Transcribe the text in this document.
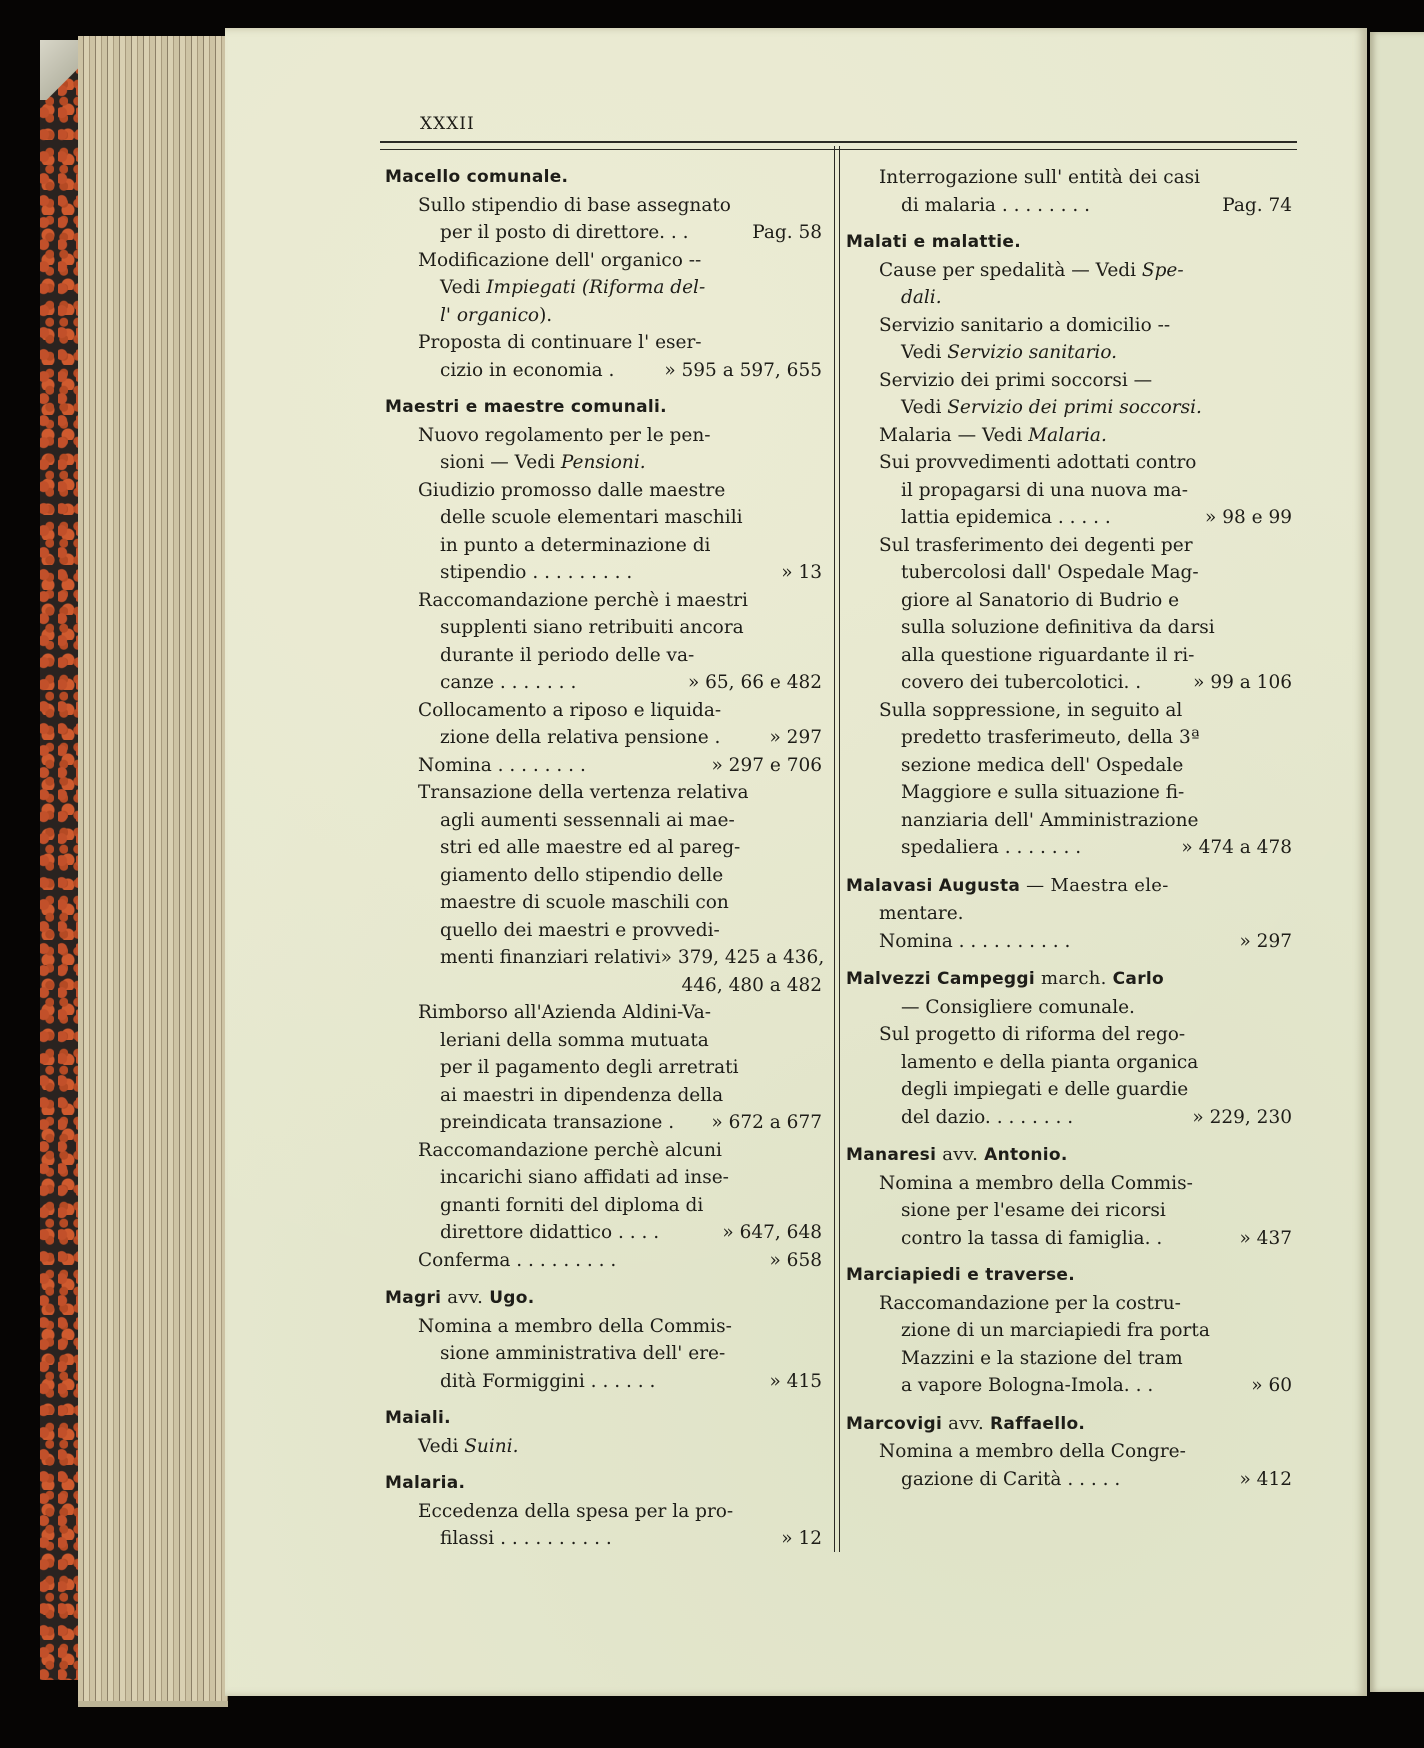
XXXII
Macello comunale.
Sullo stipendio di base assegnato
per il posto di direttore. . .	Pag. 58
Modificazione dell' organico --
Vedi Impiegati (Riforma del-
l' organico).
Proposta di continuare l' eser-
cizio in economia .	» 595 a 597, 655
Maestri e maestre comunali.
Nuovo regolamento per le pen-
sioni — Vedi Pensioni.
Giudizio promosso dalle maestre
delle scuole elementari maschili
in punto a determinazione di
stipendio . . . . . . . . .	» 13
Raccomandazione perchè i maestri
supplenti siano retribuiti ancora
durante il periodo delle va-
canze . . . . . . .	» 65, 66 e 482
Collocamento a riposo e liquida-
zione della relativa pensione .	» 297
Nomina . . . . . . . .	» 297 e 706
Transazione della vertenza relativa
agli aumenti sessennali ai mae-
stri ed alle maestre ed al pareg-
giamento dello stipendio delle
maestre di scuole maschili con
quello dei maestri e provvedi-
menti finanziari relativi » 379, 425 a 436,
446, 480 a 482
Rimborso all'Azienda Aldini-Va-
leriani della somma mutuata
per il pagamento degli arretrati
ai maestri in dipendenza della
preindicata transazione . » 672 a 677
Raccomandazione perchè alcuni
incarichi siano affidati ad inse-
gnanti forniti del diploma di
direttore didattico . . . .	» 647, 648
Conferma . . . . . . . . .	» 658
Magri avv. Ugo.
Nomina a membro della Commis-
sione amministrativa dell' ere-
dità Formiggini . . . . . .	» 415
Maiali.
Vedi Suini.
Malaria.
Eccedenza della spesa per la pro-
filassi . . . . . . . . . .	» 12
Interrogazione sull' entità dei casi
di malaria . . . . . . . .	Pag. 74
Malati e malattie.
Cause per spedalità — Vedi Spe-
dali.
Servizio sanitario a domicilio --
Vedi Servizio sanitario.
Servizio dei primi soccorsi —
Vedi Servizio dei primi soccorsi.
Malaria — Vedi Malaria.
Sui provvedimenti adottati contro
il propagarsi di una nuova ma-
lattia epidemica . . . . .	» 98 e 99
Sul trasferimento dei degenti per
tubercolosi dall' Ospedale Mag-
giore al Sanatorio di Budrio e
sulla soluzione definitiva da darsi
alla questione riguardante il ri-
covero dei tubercolotici. .	» 99 a 106
Sulla soppressione, in seguito al
predetto trasferimeuto, della 3ª
sezione medica dell' Ospedale
Maggiore e sulla situazione fi-
nanziaria dell' Amministrazione
spedaliera . . . . . . .	» 474 a 478
Malavasi Augusta — Maestra ele-
mentare.
Nomina . . . . . . . . . .	» 297
Malvezzi Campeggi march. Carlo
— Consigliere comunale.
Sul progetto di riforma del rego-
lamento e della pianta organica
degli impiegati e delle guardie
del dazio. . . . . . . .	» 229, 230
Manaresi avv. Antonio.
Nomina a membro della Commis-
sione per l'esame dei ricorsi
contro la tassa di famiglia. .	» 437
Marciapiedi e traverse.
Raccomandazione per la costru-
zione di un marciapiedi fra porta
Mazzini e la stazione del tram
a vapore Bologna-Imola. . .	» 60
Marcovigi avv. Raffaello.
Nomina a membro della Congre-
gazione di Carità . . . . .	» 412
